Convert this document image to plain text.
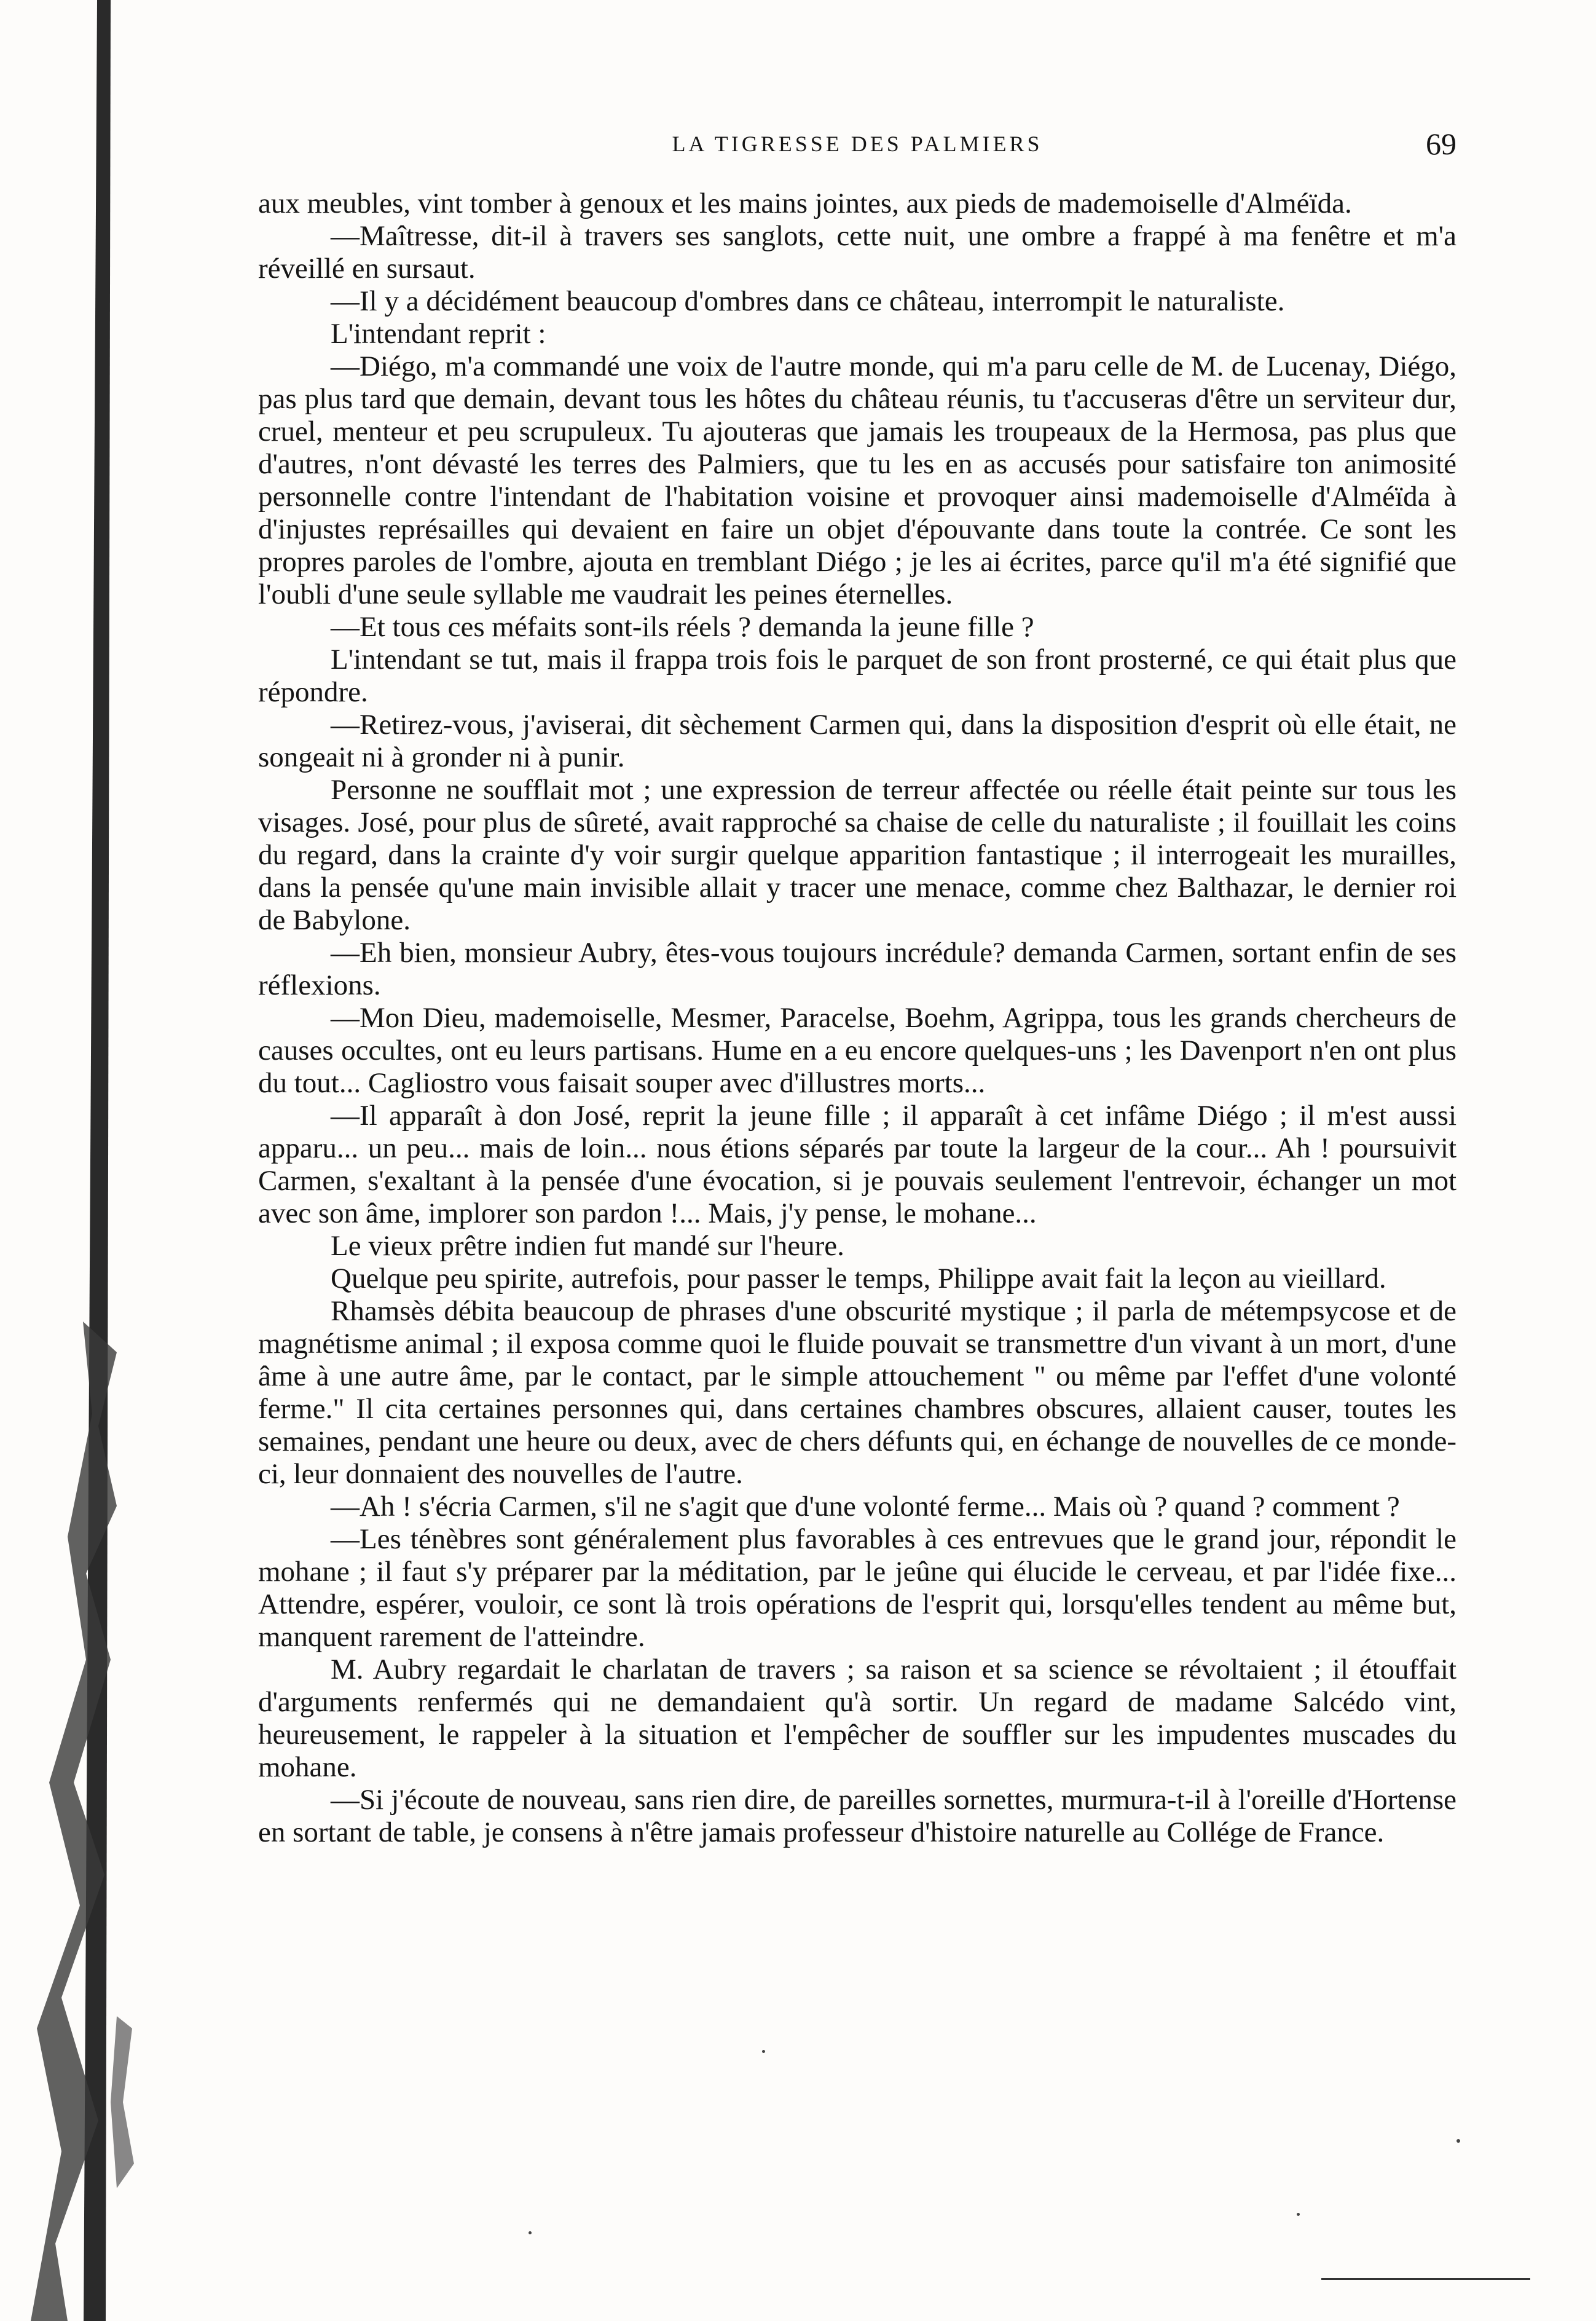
LA TIGRESSE DES PALMIERS	69

aux meubles, vint tomber à genoux et les mains jointes, aux pieds de mademoiselle d'Alméïda.

—Maîtresse, dit-il à travers ses sanglots, cette nuit, une ombre a frappé à ma fenêtre et m'a réveillé en sursaut.

—Il y a décidément beaucoup d'ombres dans ce château, interrompit le naturaliste.

L'intendant reprit :

—Diégo, m'a commandé une voix de l'autre monde, qui m'a paru celle de M. de Lucenay, Diégo, pas plus tard que demain, devant tous les hôtes du château réunis, tu t'accuseras d'être un serviteur dur, cruel, menteur et peu scrupuleux. Tu ajouteras que jamais les troupeaux de la Hermosa, pas plus que d'autres, n'ont dévasté les terres des Palmiers, que tu les en as accusés pour satisfaire ton animosité personnelle contre l'intendant de l'habitation voisine et provoquer ainsi mademoiselle d'Alméïda à d'injustes représailles qui devaient en faire un objet d'épouvante dans toute la contrée. Ce sont les propres paroles de l'ombre, ajouta en tremblant Diégo ; je les ai écrites, parce qu'il m'a été signifié que l'oubli d'une seule syllable me vaudrait les peines éternelles.

—Et tous ces méfaits sont-ils réels ? demanda la jeune fille ?

L'intendant se tut, mais il frappa trois fois le parquet de son front prosterné, ce qui était plus que répondre.

—Retirez-vous, j'aviserai, dit sèchement Carmen qui, dans la disposition d'esprit où elle était, ne songeait ni à gronder ni à punir.

Personne ne soufflait mot ; une expression de terreur affectée ou réelle était peinte sur tous les visages. José, pour plus de sûreté, avait rapproché sa chaise de celle du naturaliste ; il fouillait les coins du regard, dans la crainte d'y voir surgir quelque apparition fantastique ; il interrogeait les murailles, dans la pensée qu'une main invisible allait y tracer une menace, comme chez Balthazar, le dernier roi de Babylone.

—Eh bien, monsieur Aubry, êtes-vous toujours incrédule? demanda Carmen, sortant enfin de ses réflexions.

—Mon Dieu, mademoiselle, Mesmer, Paracelse, Boehm, Agrippa, tous les grands chercheurs de causes occultes, ont eu leurs partisans. Hume en a eu encore quelques-uns ; les Davenport n'en ont plus du tout... Cagliostro vous faisait souper avec d'illustres morts...

—Il apparaît à don José, reprit la jeune fille ; il apparaît à cet infâme Diégo ; il m'est aussi apparu... un peu... mais de loin... nous étions séparés par toute la largeur de la cour... Ah ! poursuivit Carmen, s'exaltant à la pensée d'une évocation, si je pouvais seulement l'entrevoir, échanger un mot avec son âme, implorer son pardon !... Mais, j'y pense, le mohane...

Le vieux prêtre indien fut mandé sur l'heure.

Quelque peu spirite, autrefois, pour passer le temps, Philippe avait fait la leçon au vieillard.

Rhamsès débita beaucoup de phrases d'une obscurité mystique ; il parla de métempsycose et de magnétisme animal ; il exposa comme quoi le fluide pouvait se transmettre d'un vivant à un mort, d'une âme à une autre âme, par le contact, par le simple attouchement " ou même par l'effet d'une volonté ferme." Il cita certaines personnes qui, dans certaines chambres obscures, allaient causer, toutes les semaines, pendant une heure ou deux, avec de chers défunts qui, en échange de nouvelles de ce monde-ci, leur donnaient des nouvelles de l'autre.

—Ah ! s'écria Carmen, s'il ne s'agit que d'une volonté ferme... Mais où ? quand ? comment ?

—Les ténèbres sont généralement plus favorables à ces entrevues que le grand jour, répondit le mohane ; il faut s'y préparer par la méditation, par le jeûne qui élucide le cerveau, et par l'idée fixe... Attendre, espérer, vouloir, ce sont là trois opérations de l'esprit qui, lorsqu'elles tendent au même but, manquent rarement de l'atteindre.

M. Aubry regardait le charlatan de travers ; sa raison et sa science se révoltaient ; il étouffait d'arguments renfermés qui ne demandaient qu'à sortir. Un regard de madame Salcédo vint, heureusement, le rappeler à la situation et l'empêcher de souffler sur les impudentes muscades du mohane.

—Si j'écoute de nouveau, sans rien dire, de pareilles sornettes, murmura-t-il à l'oreille d'Hortense en sortant de table, je consens à n'être jamais professeur d'histoire naturelle au Collége de France.
